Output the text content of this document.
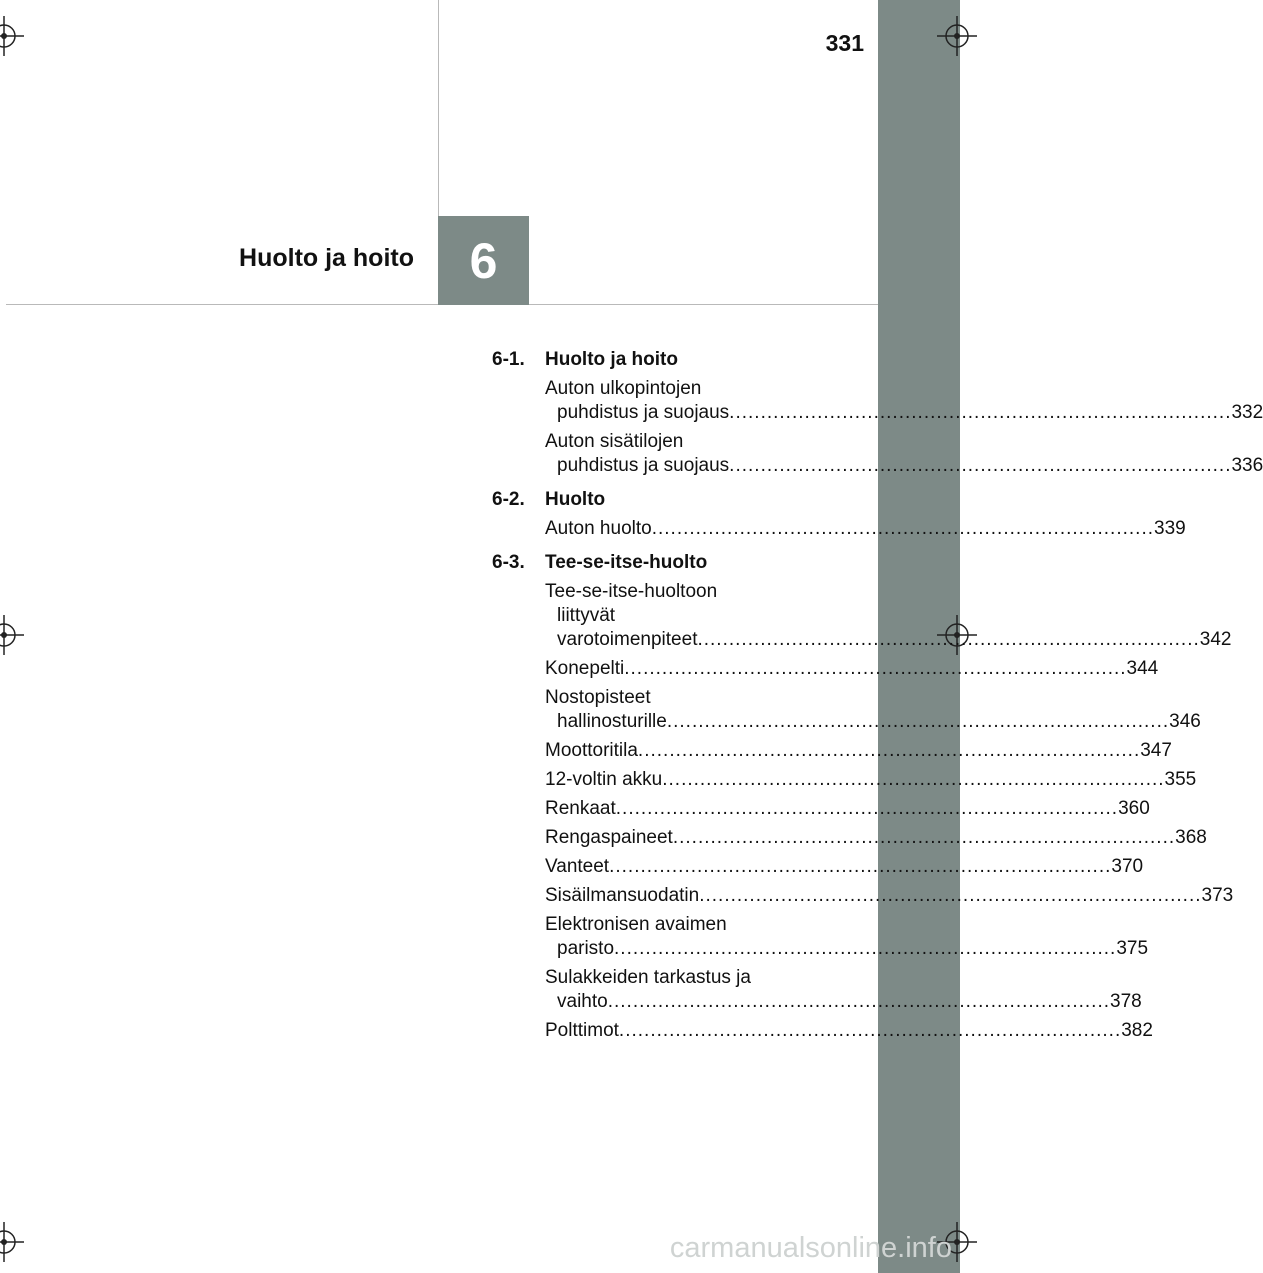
331
Huolto ja hoito 6
6-1.	Huolto ja hoito
Auton ulkopintojen
puhdistus ja suojaus ................................................................................ 332
Auton sisätilojen
puhdistus ja suojaus ................................................................................ 336
6-2.	Huolto
Auton huolto ................................................................................ 339
6-3.	Tee-se-itse-huolto
Tee-se-itse-huoltoon
liittyvät
varotoimenpiteet ................................................................................ 342
Konepelti ................................................................................ 344
Nostopisteet
hallinosturille ................................................................................ 346
Moottoritila ................................................................................ 347
12-voltin akku ................................................................................ 355
Renkaat ................................................................................ 360
Rengaspaineet ................................................................................ 368
Vanteet ................................................................................ 370
Sisäilmansuodatin ................................................................................ 373
Elektronisen avaimen
paristo ................................................................................ 375
Sulakkeiden tarkastus ja
vaihto ................................................................................ 378
Polttimot ................................................................................ 382
carmanualsonline.info
